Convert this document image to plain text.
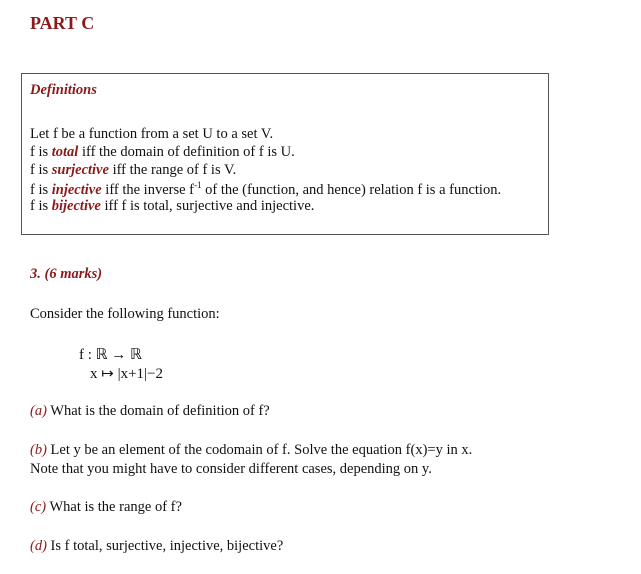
PART C
Definitions
Let f be a function from a set U to a set V.
f is total iff the domain of definition of f is U.
f is surjective iff the range of f is V.
f is injective iff the inverse $f^{-1}$ of the (function, and hence) relation f is a function.
f is bijective iff f is total, surjective and injective.
3. (6 marks)
Consider the following function:
f : ℝ → ℝ
x ↦ |x+1|−2
(a) What is the domain of definition of f?
(b) Let y be an element of the codomain of f. Solve the equation f(x)=y in x.
Note that you might have to consider different cases, depending on y.
(c) What is the range of f?
(d) Is f total, surjective, injective, bijective?
